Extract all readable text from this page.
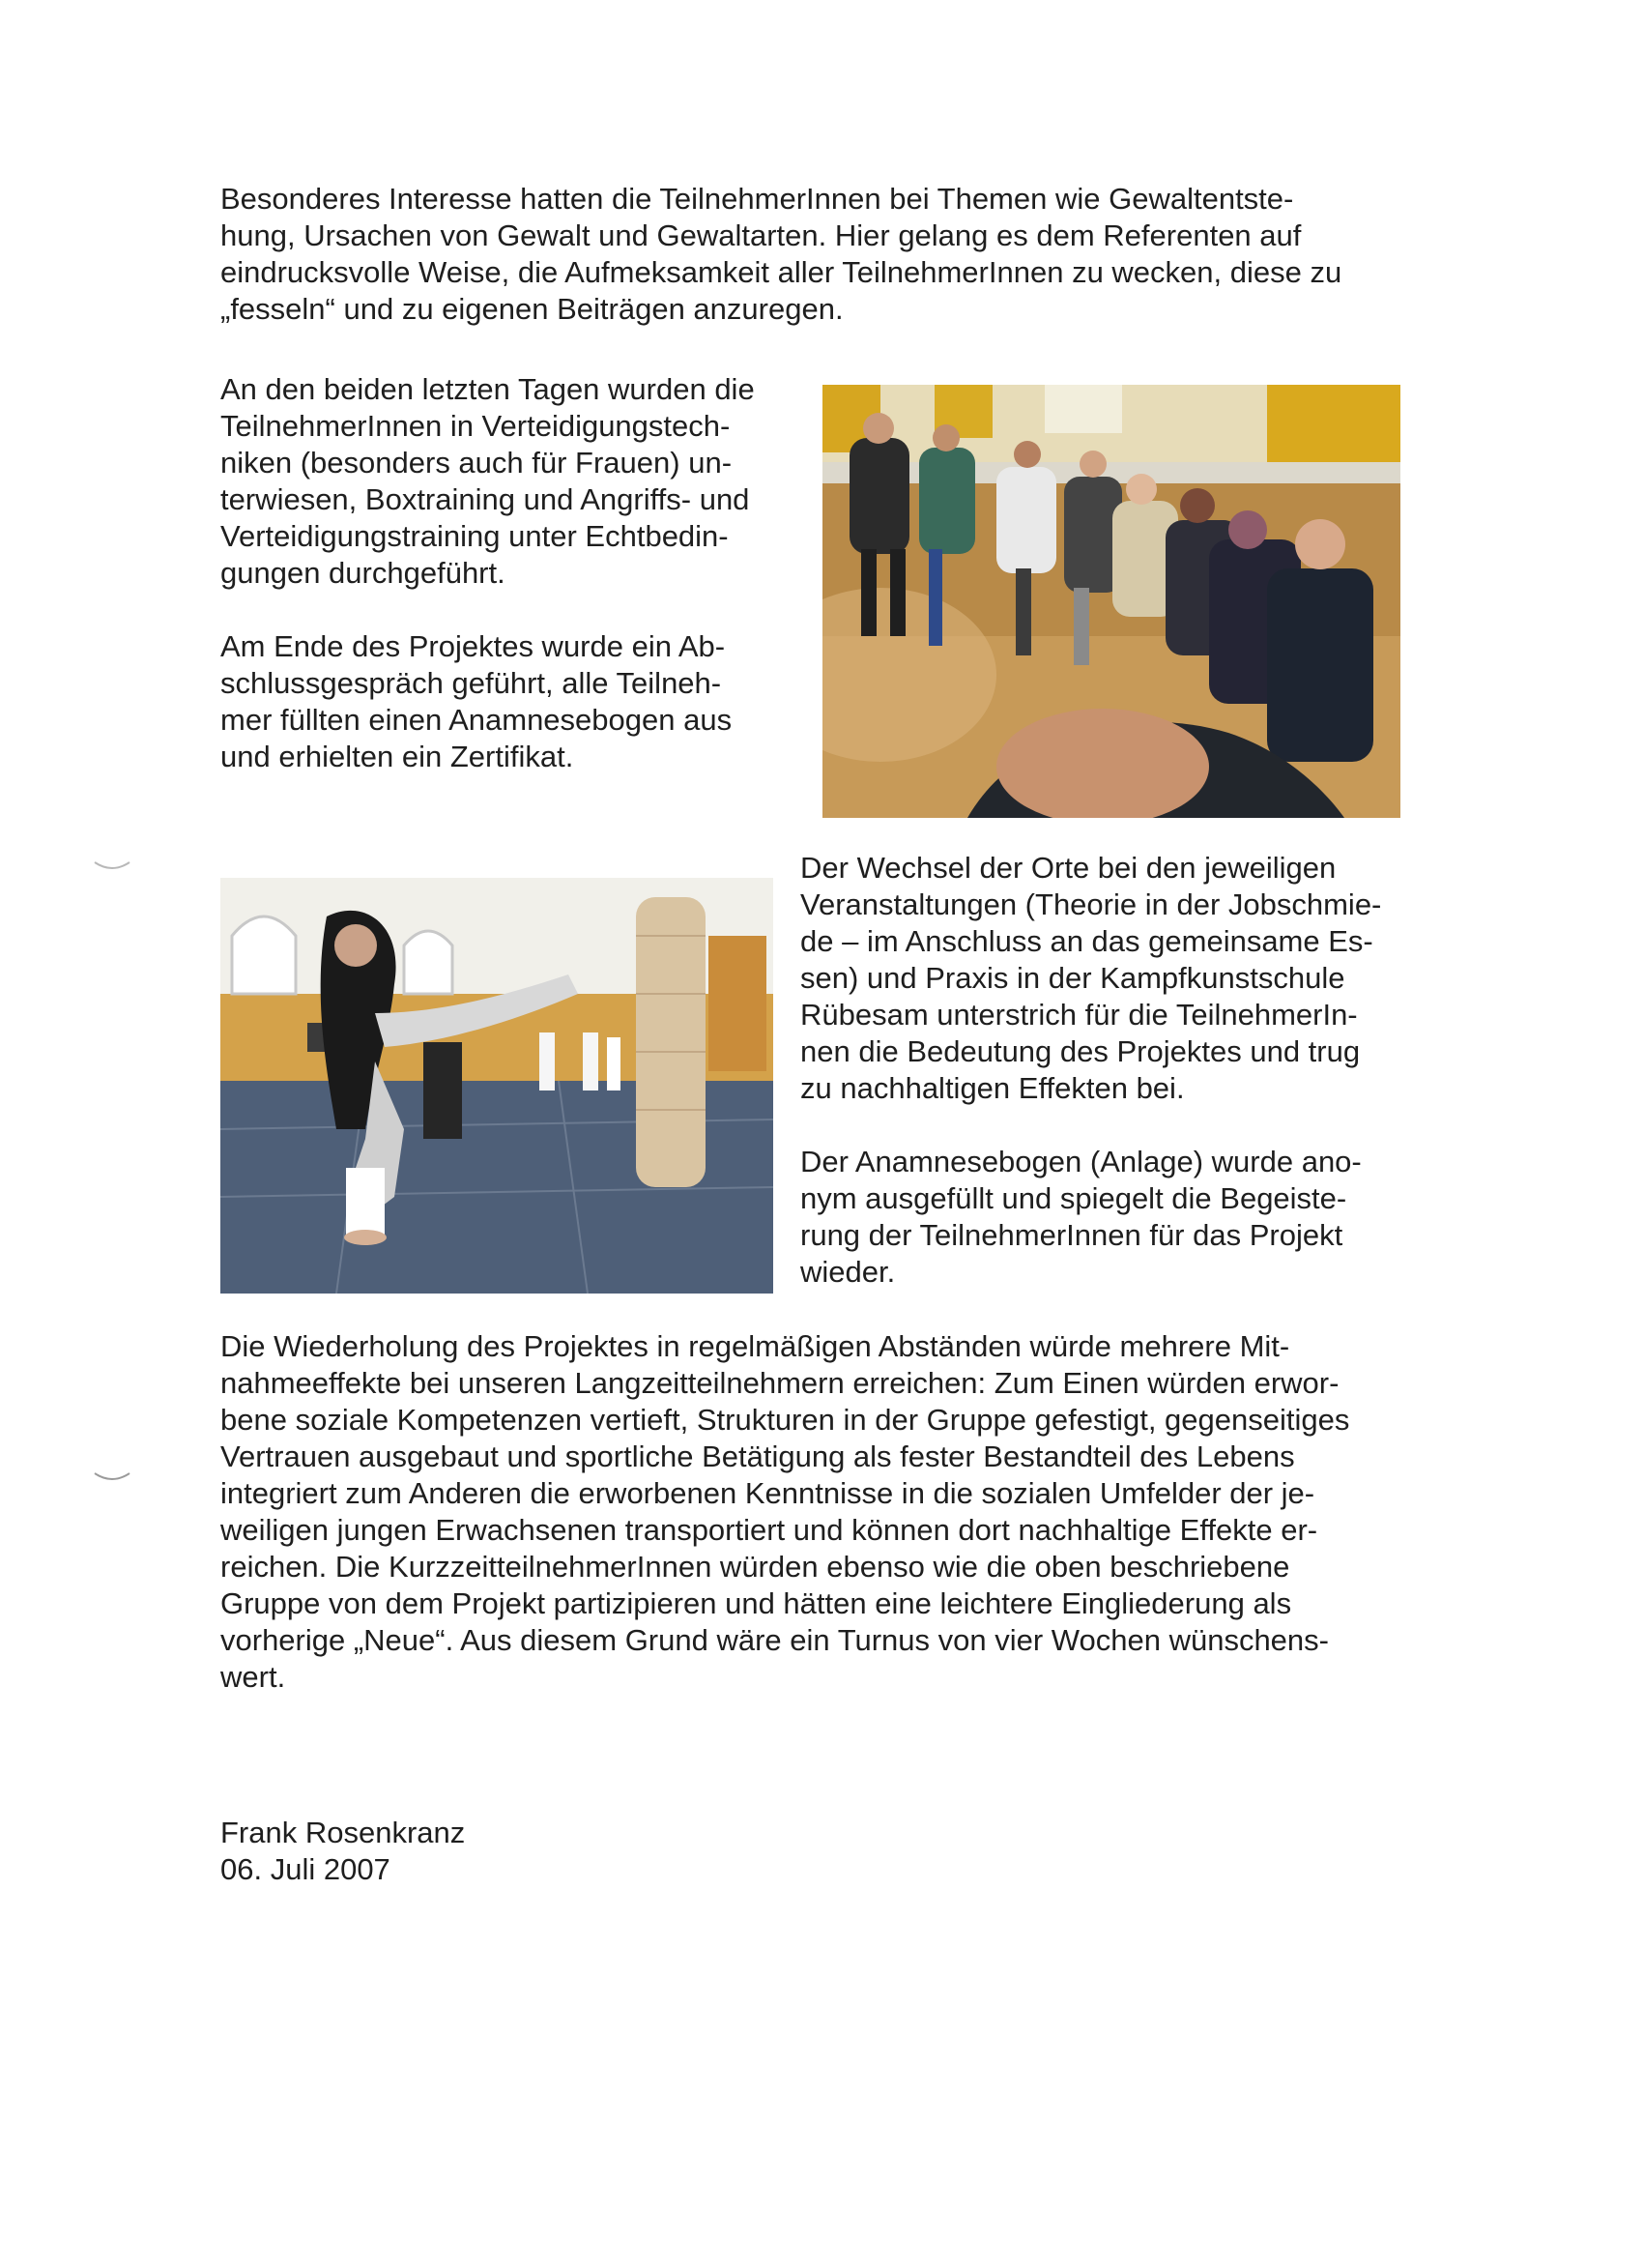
Besonderes Interesse hatten die TeilnehmerInnen bei Themen wie Gewaltentste-
hung, Ursachen von Gewalt und Gewaltarten. Hier gelang es dem Referenten auf
eindrucksvolle Weise, die Aufmeksamkeit aller TeilnehmerInnen zu wecken, diese zu
„fesseln“ und zu eigenen Beiträgen anzuregen.

An den beiden letzten Tagen wurden die
TeilnehmerInnen in Verteidigungstech-
niken (besonders auch für Frauen) un-
terwiesen, Boxtraining und Angriffs- und
Verteidigungstraining unter Echtbedin-
gungen durchgeführt.

Am Ende des Projektes wurde ein Ab-
schlussgespräch geführt, alle Teilneh-
mer füllten einen Anamnesebogen aus
und erhielten ein Zertifikat.

Der Wechsel der Orte bei den jeweiligen
Veranstaltungen (Theorie in der Jobschmie-
de – im Anschluss an das gemeinsame Es-
sen) und Praxis in der Kampfkunstschule
Rübesam unterstrich für die TeilnehmerIn-
nen die Bedeutung des Projektes und trug
zu nachhaltigen Effekten bei.

Der Anamnesebogen (Anlage) wurde ano-
nym ausgefüllt und spiegelt die Begeiste-
rung der TeilnehmerInnen für das Projekt
wieder.

Die Wiederholung des Projektes in regelmäßigen Abständen würde mehrere Mit-
nahmeeffekte bei unseren Langzeitteilnehmern erreichen: Zum Einen würden erwor-
bene soziale Kompetenzen vertieft, Strukturen in der Gruppe gefestigt, gegenseitiges
Vertrauen ausgebaut und sportliche Betätigung als fester Bestandteil des Lebens
integriert zum Anderen die erworbenen Kenntnisse in die sozialen Umfelder der je-
weiligen jungen Erwachsenen transportiert und können dort nachhaltige Effekte er-
reichen. Die KurzzeitteilnehmerInnen würden ebenso wie die oben beschriebene
Gruppe von dem Projekt partizipieren und hätten eine leichtere Eingliederung als
vorherige „Neue“. Aus diesem Grund wäre ein Turnus von vier Wochen wünschens-
wert.

Frank Rosenkranz
06. Juli 2007
